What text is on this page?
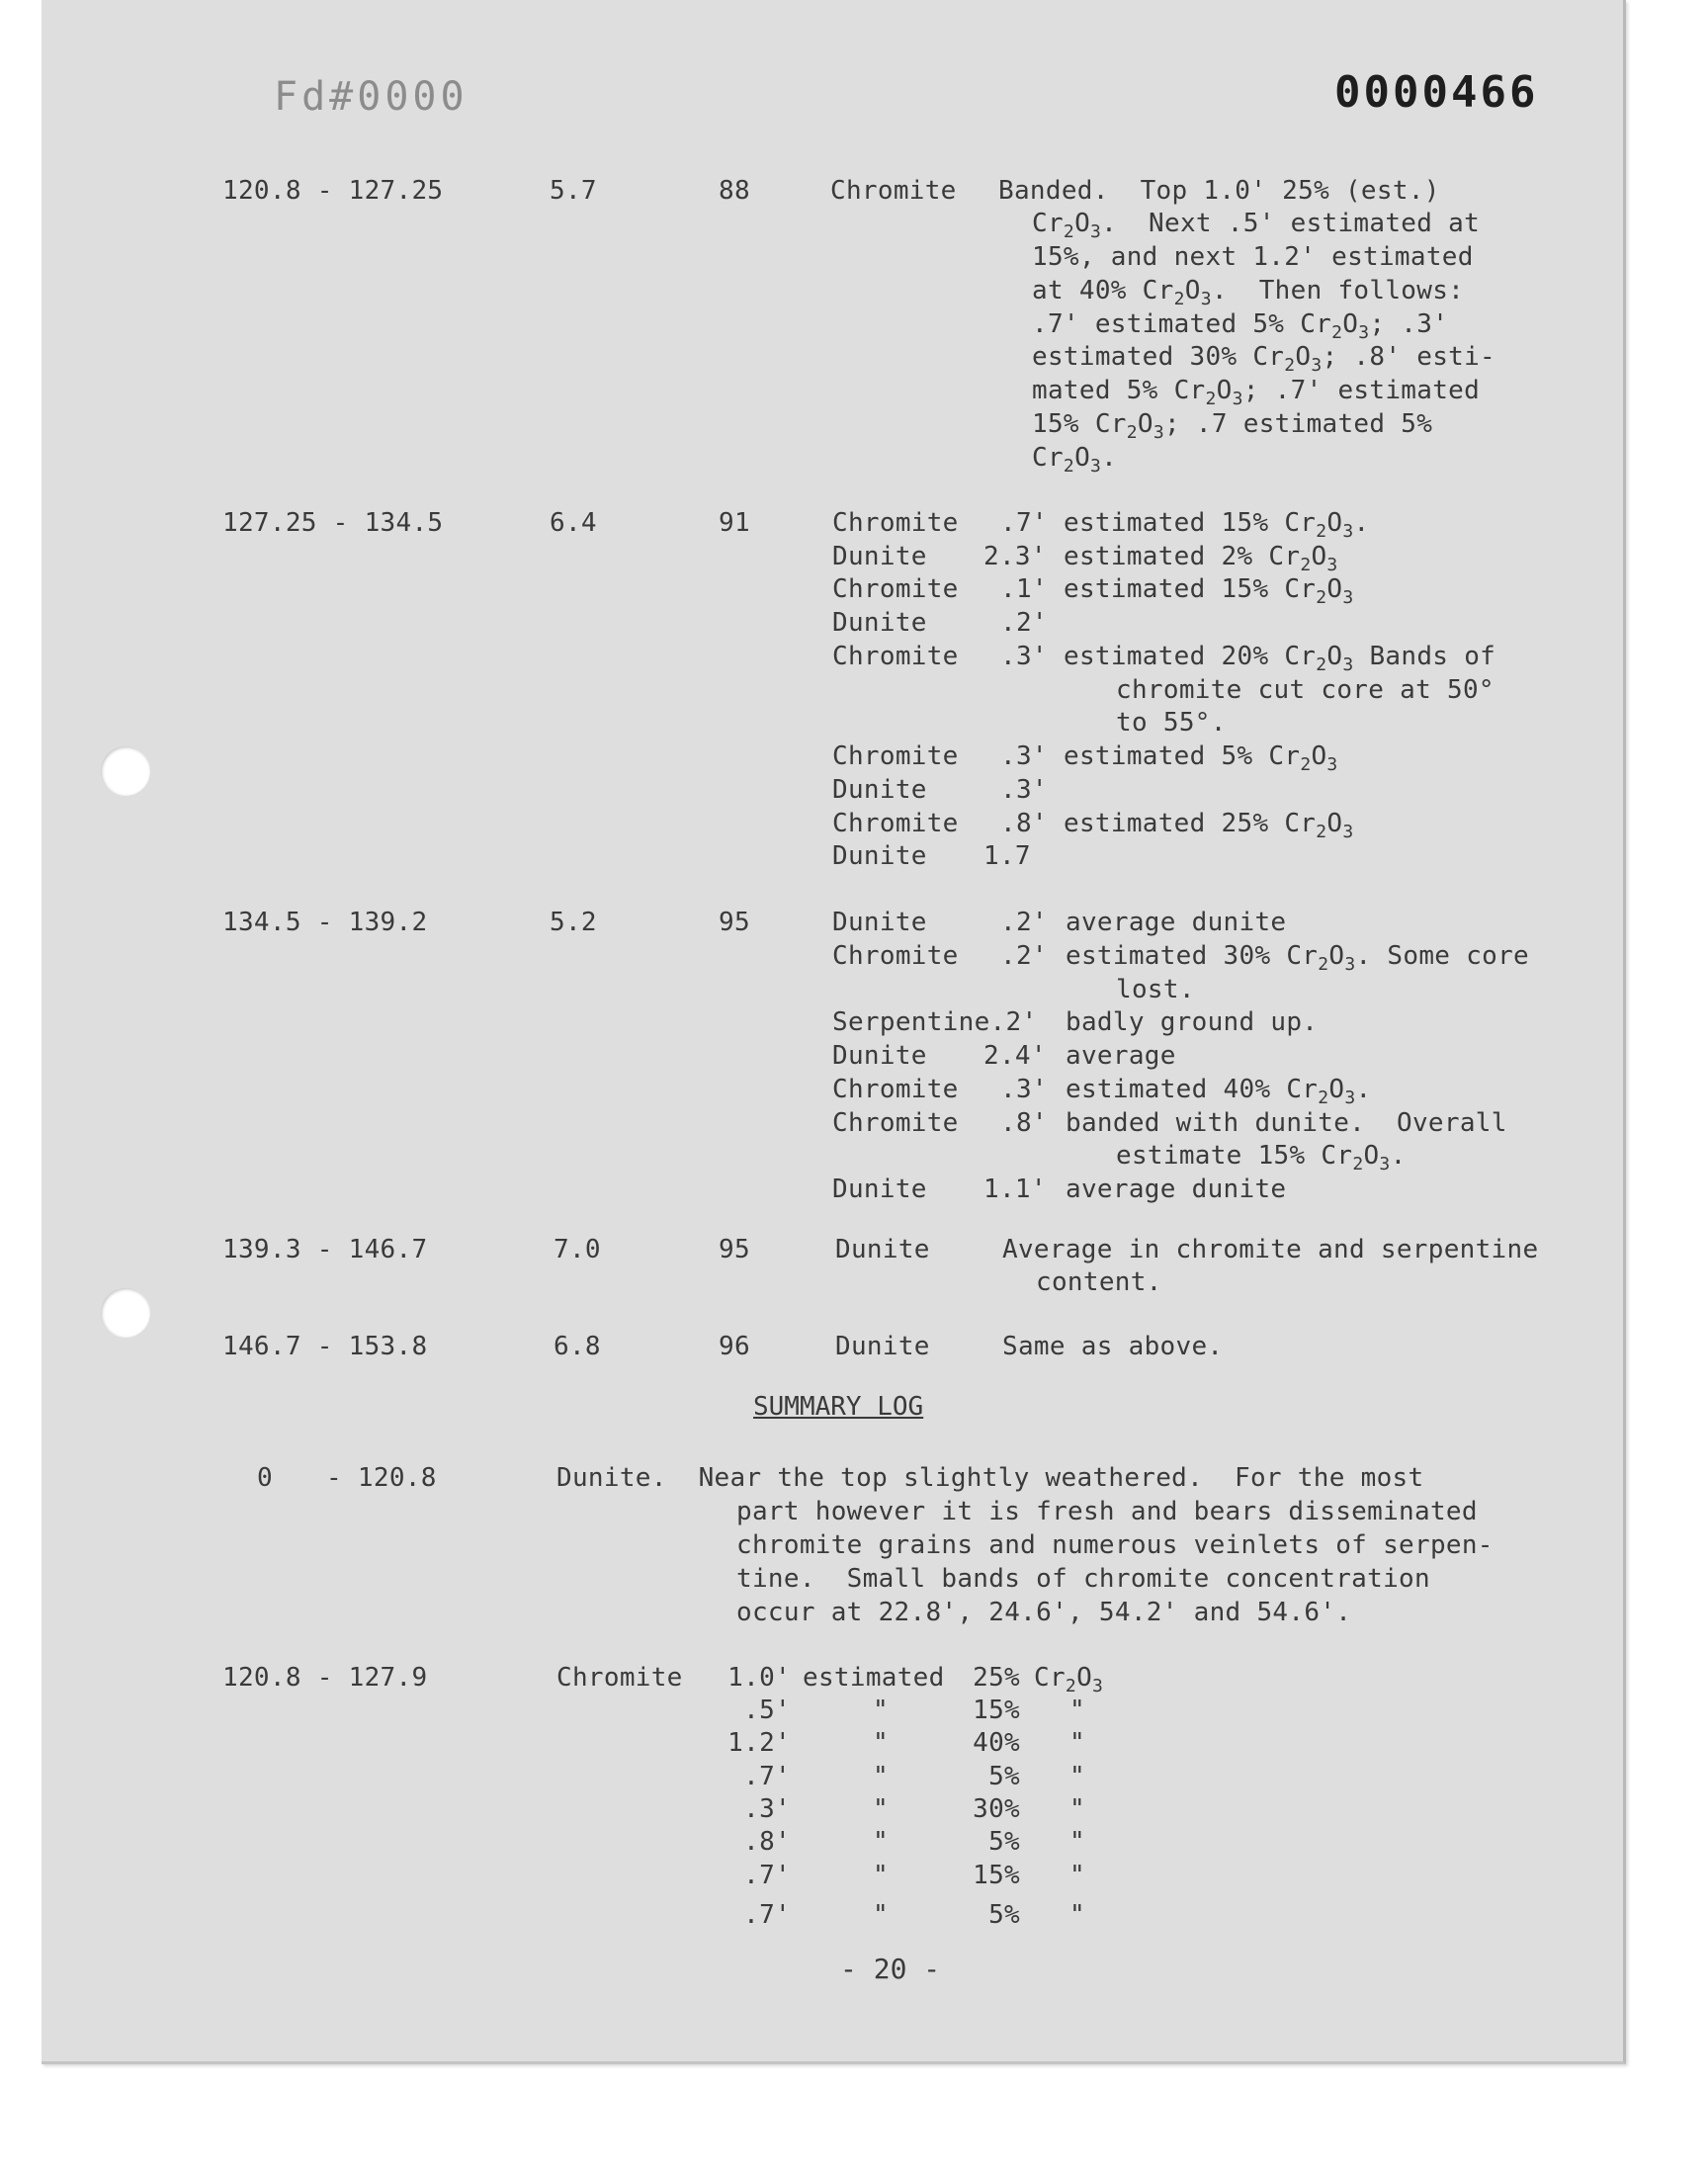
Fd#0000	0000466
120.8 - 127.25	5.7	88	Chromite Banded.  Top 1.0' 25% (est.)
$Cr_2O_3$.  Next .5' estimated at
15%, and next 1.2' estimated
at 40% $Cr_2O_3$.  Then follows:
.7' estimated 5% $Cr_2O_3$; .3'
estimated 30% $Cr_2O_3$; .8' esti-
mated 5% $Cr_2O_3$; .7' estimated
15% $Cr_2O_3$; .7 estimated 5%
$Cr_2O_3$.
127.25 - 134.5	6.4	91	Chromite .7' estimated 15% $Cr_2O_3$.
Dunite 2.3' estimated 2% $Cr_2O_3$
Chromite .1' estimated 15% $Cr_2O_3$
Dunite	.2'
Chromite .3' estimated 20% $Cr_2O_3$ Bands of
chromite cut core at 50°
to 55°.
Chromite .3' estimated 5% $Cr_2O_3$
Dunite	.3'
Chromite .8' estimated 25% $Cr_2O_3$
Dunite 1.7
134.5 - 139.2	5.2	95	Dunite	.2' average dunite
Chromite .2' estimated 30% $Cr_2O_3$. Some core
lost.
Serpentine.2' badly ground up.
Dunite 2.4' average
Chromite .3' estimated 40% $Cr_2O_3$.
Chromite .8' banded with dunite.  Overall
estimate 15% $Cr_2O_3$.
Dunite 1.1' average dunite
139.3 - 146.7	7.0	95	Dunite	Average in chromite and serpentine
content.
146.7 - 153.8	6.8	96	Dunite	Same as above.
SUMMARY LOG
0 - 120.8	Dunite.  Near the top slightly weathered.  For the most
part however it is fresh and bears disseminated
chromite grains and numerous veinlets of serpen-
tine.  Small bands of chromite concentration
occur at 22.8', 24.6', 54.2' and 54.6'.
120.8 - 127.9	Chromite 1.0' estimated 25% $Cr_2O_3$
.5'	"	15% "
1.2'	"	40% "
.7'	"	5% "
.3'	"	30% "
.8'	"	5% "
.7'	"	15% "
.7'	"	5% "
- 20 -
